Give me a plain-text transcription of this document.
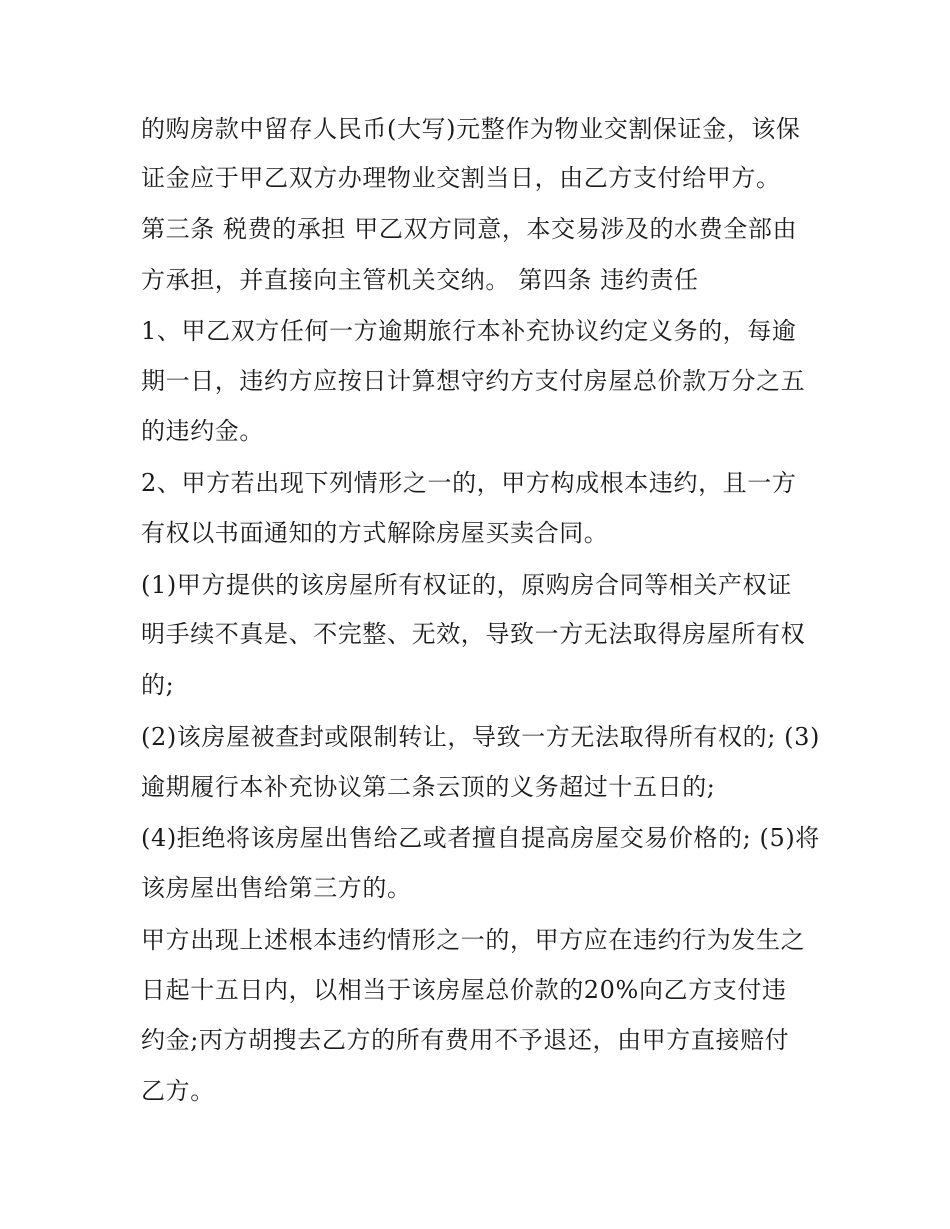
的购房款中留存人民币(大写)元整作为物业交割保证金，该保
证金应于甲乙双方办理物业交割当日，由乙方支付给甲方。
第三条 税费的承担 甲乙双方同意，本交易涉及的水费全部由
方承担，并直接向主管机关交纳。 第四条 违约责任
1、甲乙双方任何一方逾期旅行本补充协议约定义务的，每逾
期一日，违约方应按日计算想守约方支付房屋总价款万分之五
的违约金。
2、甲方若出现下列情形之一的，甲方构成根本违约，且一方
有权以书面通知的方式解除房屋买卖合同。
(1)甲方提供的该房屋所有权证的，原购房合同等相关产权证
明手续不真是、不完整、无效，导致一方无法取得房屋所有权
的;
(2)该房屋被查封或限制转让，导致一方无法取得所有权的; (3)
逾期履行本补充协议第二条云顶的义务超过十五日的;
(4)拒绝将该房屋出售给乙或者擅自提高房屋交易价格的; (5)将
该房屋出售给第三方的。
甲方出现上述根本违约情形之一的，甲方应在违约行为发生之
日起十五日内，以相当于该房屋总价款的20%向乙方支付违
约金;丙方胡搜去乙方的所有费用不予退还，由甲方直接赔付
乙方。
